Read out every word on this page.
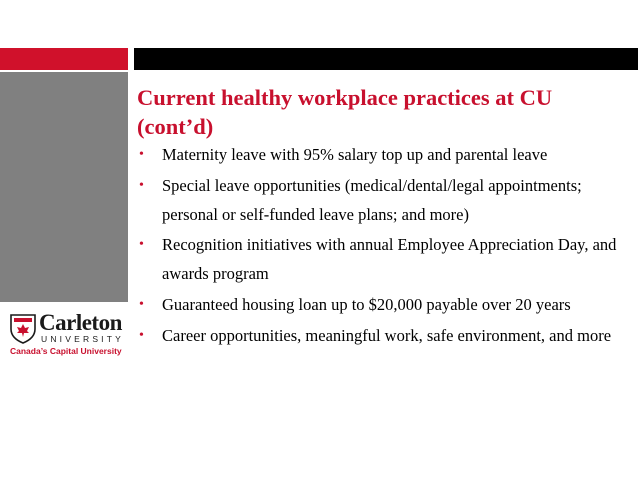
Carleton
UNIVERSITY
Canada’s Capital University
Current healthy workplace practices at CU (cont’d)
• Maternity leave with 95% salary top up and parental leave
• Special leave opportunities (medical/dental/legal appointments; personal or self-funded leave plans; and more)
• Recognition initiatives with annual Employee Appreciation Day, and awards program
• Guaranteed housing loan up to $20,000 payable over 20 years
• Career opportunities, meaningful work, safe environment, and more
